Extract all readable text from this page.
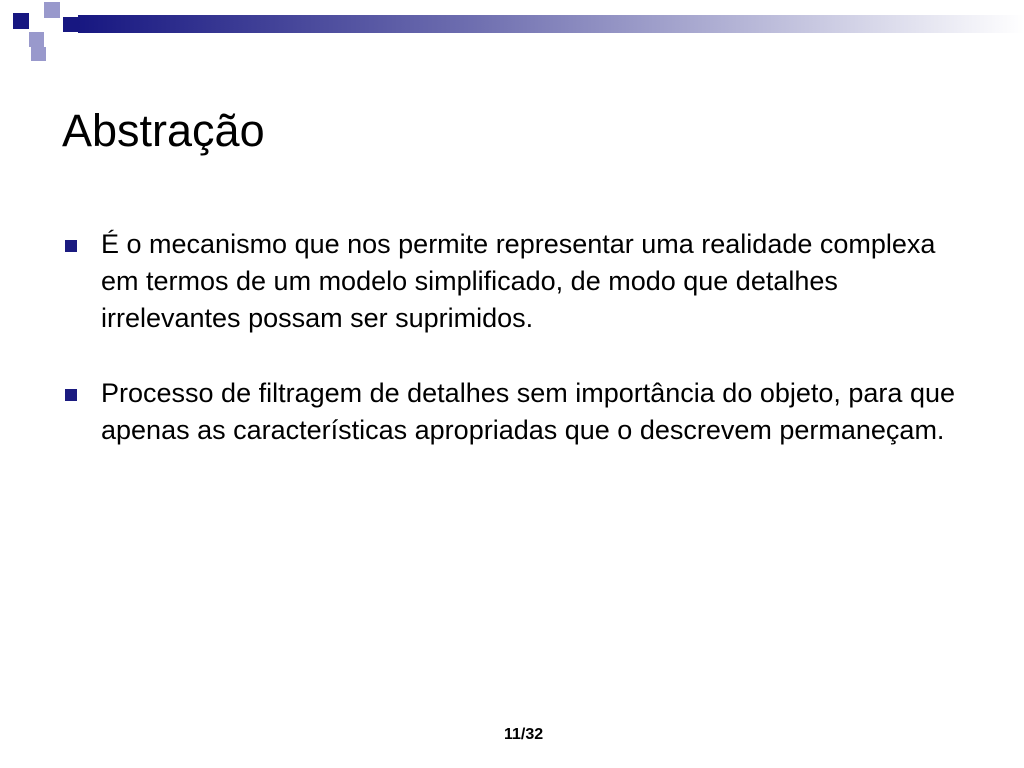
Abstração
É o mecanismo que nos permite representar uma realidade complexa em termos de um modelo simplificado, de modo que detalhes irrelevantes possam ser suprimidos.
Processo de filtragem de detalhes sem importância do objeto, para que apenas as características apropriadas que o descrevem permaneçam.
11/32
